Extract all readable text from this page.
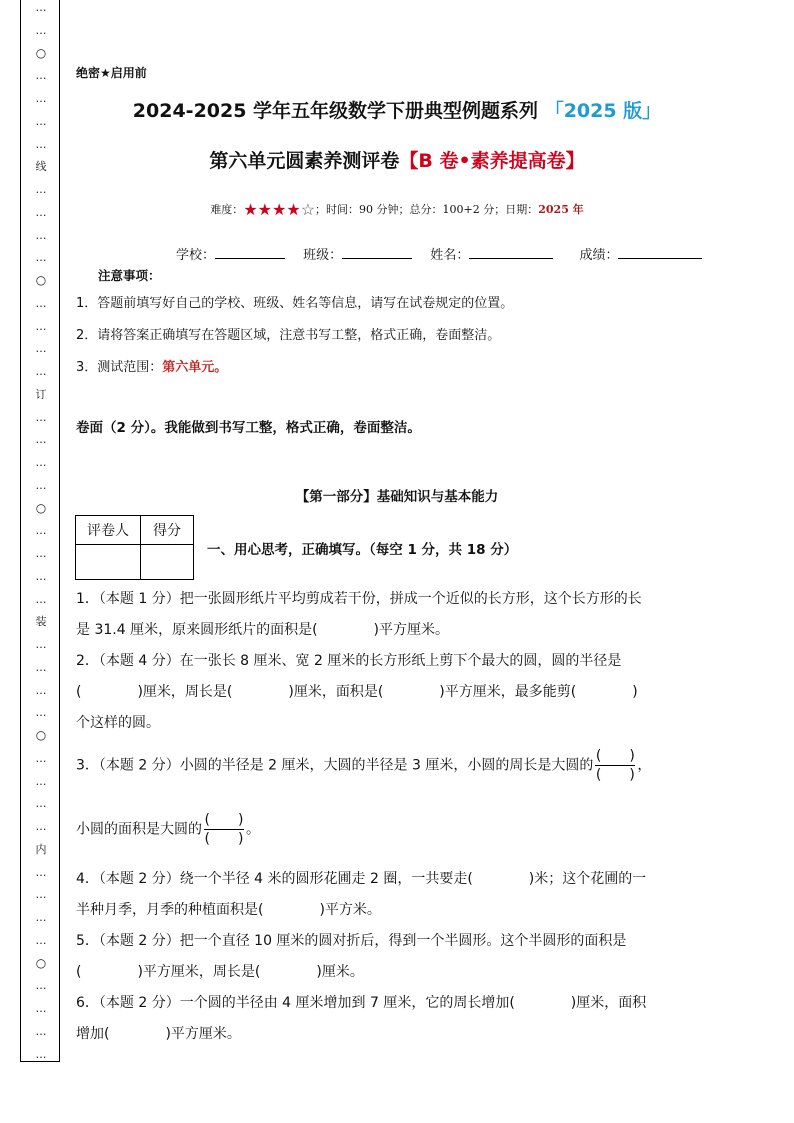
…
…
○
…
…
…
…
线
…
…
…
…
○
…
…
…
…
订
…
…
…
…
○
…
…
…
…
装
…
…
…
…
○
…
…
…
…
内
…
…
…
…
○
…
…
…
…
绝密★启用前
2024-2025 学年五年级数学下册典型例题系列 「2025 版」
第六单元圆素养测评卷【B 卷•素养提高卷】
难度：★★★★☆；时间：90 分钟；总分：100+2 分；日期：2025 年
学校：	班级：	姓名：	成绩：
注意事项：
1．答题前填写好自己的学校、班级、姓名等信息，请写在试卷规定的位置。
2．请将答案正确填写在答题区域，注意书写工整，格式正确，卷面整洁。
3．测试范围：第六单元。
卷面（2 分）。我能做到书写工整，格式正确，卷面整洁。
【第一部分】基础知识与基本能力
评卷人	得分

一、用心思考，正确填写。（每空 1 分，共 18 分）
1．（本题 1 分）把一张圆形纸片平均剪成若干份，拼成一个近似的长方形，这个长方形的长
是 31.4 厘米，原来圆形纸片的面积是(　　　　)平方厘米。
2．（本题 4 分）在一张长 8 厘米、宽 2 厘米的长方形纸上剪下个最大的圆，圆的半径是
(　　　　)厘米，周长是(　　　　)厘米，面积是(　　　　)平方厘米，最多能剪(　　　　)
个这样的圆。
3．（本题 2 分）小圆的半径是 2 厘米，大圆的半径是 3 厘米，小圆的周长是大圆的 $\frac{( )}{( )}$ ，
小圆的面积是大圆的 $\frac{( )}{( )}$ 。
4．（本题 2 分）绕一个半径 4 米的圆形花圃走 2 圈，一共要走(　　　　)米；这个花圃的一
半种月季，月季的种植面积是(　　　　)平方米。
5．（本题 2 分）把一个直径 10 厘米的圆对折后，得到一个半圆形。这个半圆形的面积是
(　　　　)平方厘米，周长是(　　　　)厘米。
6．（本题 2 分）一个圆的半径由 4 厘米增加到 7 厘米，它的周长增加(　　　　)厘米，面积
增加(　　　　)平方厘米。
